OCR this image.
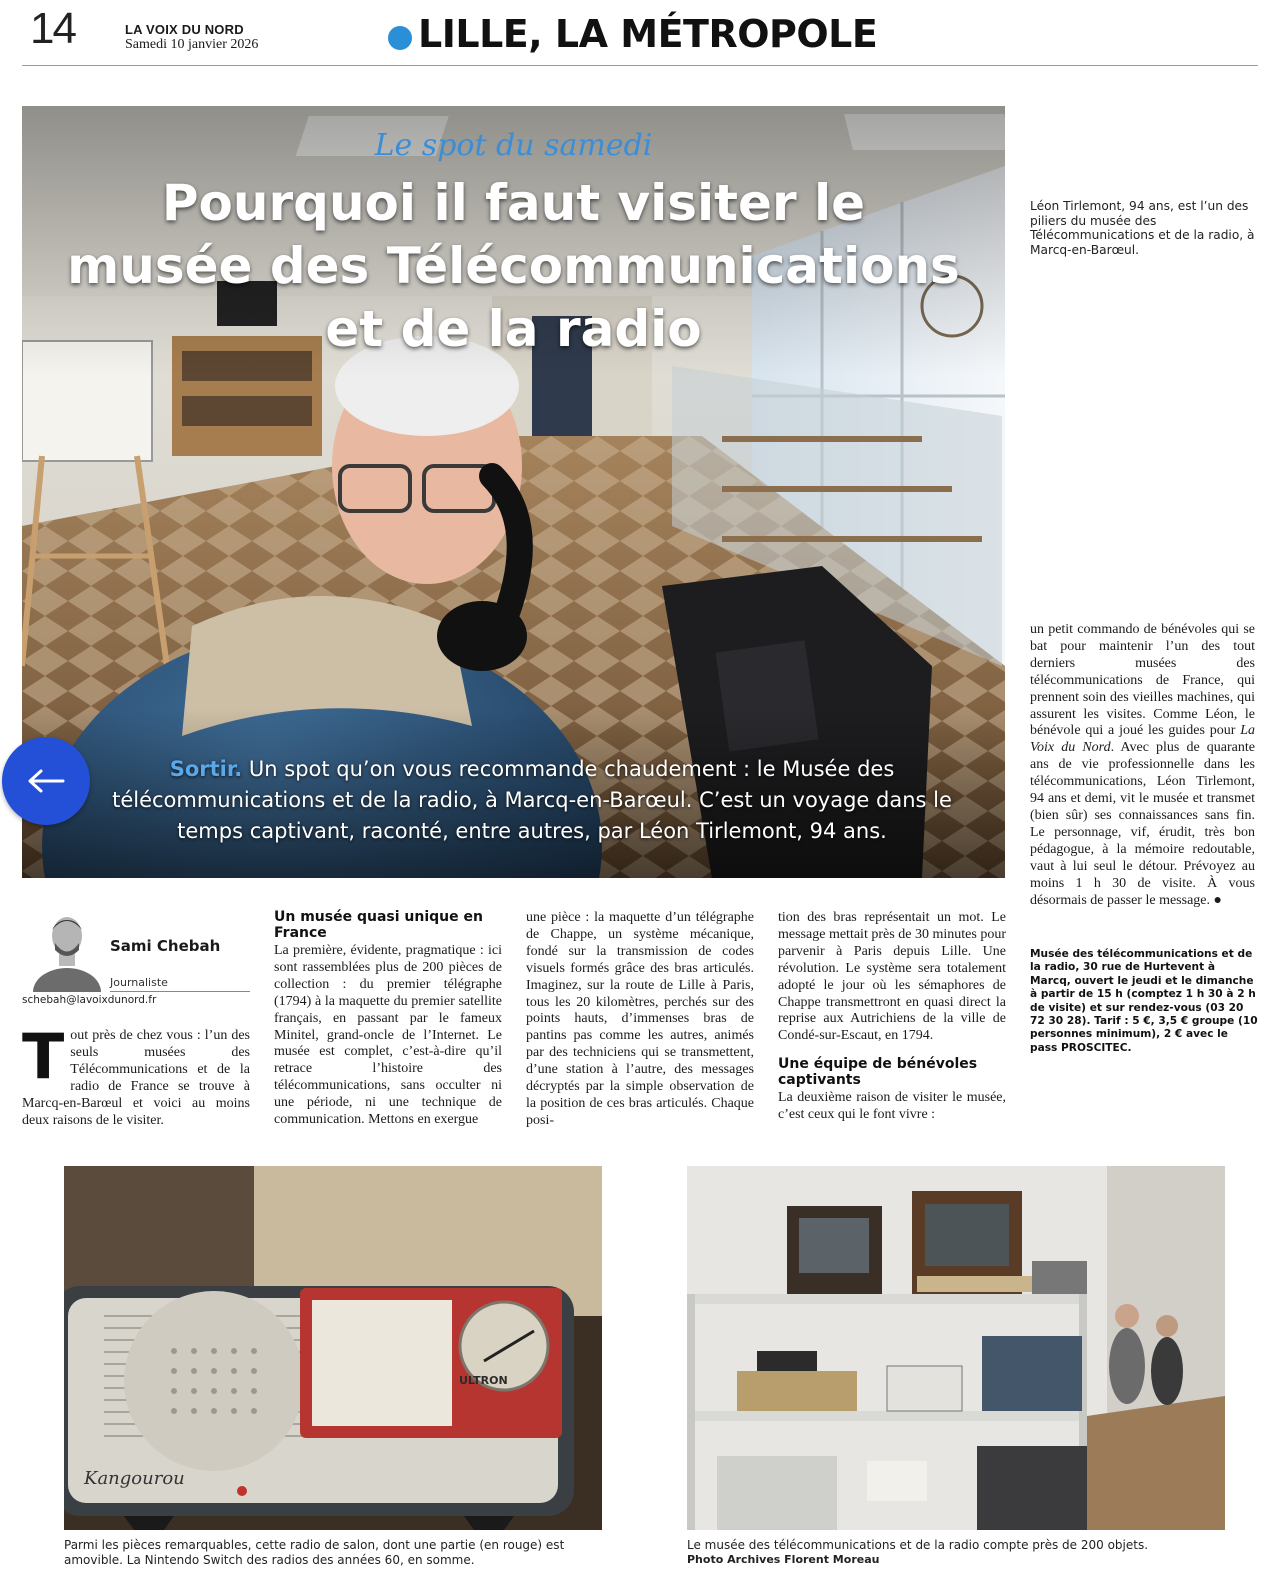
14	LA VOIX DU NORD
Samedi 10 janvier 2026	LILLE, LA MÉTROPOLE
Le spot du samedi
Pourquoi il faut visiter le musée des Télécommunications et de la radio
Sortir. Un spot qu’on vous recommande chaudement : le Musée des télécommunications et de la radio, à Marcq-en-Barœul. C’est un voyage dans le temps captivant, raconté, entre autres, par Léon Tirlemont, 94 ans.
Léon Tirlemont, 94 ans, est l’un des piliers du musée des Télécommunications et de la radio, à Marcq-en-Barœul.

un petit commando de bénévoles qui se bat pour maintenir l’un des tout derniers musées des télécommunications de France, qui prennent soin des vieilles machines, qui assurent les visites. Comme Léon, le bénévole qui a joué les guides pour La Voix du Nord. Avec plus de quarante ans de vie professionnelle dans les télécommunications, Léon Tirlemont, 94 ans et demi, vit le musée et transmet (bien sûr) ses connaissances sans fin. Le personnage, vif, érudit, très bon pédagogue, à la mémoire redoutable, vaut à lui seul le détour. Prévoyez au moins 1 h 30 de visite. À vous désormais de passer le message. ●

Musée des télécommunications et de la radio, 30 rue de Hurtevent à Marcq, ouvert le jeudi et le dimanche à partir de 15 h (comptez 1 h 30 à 2 h de visite) et sur rendez-vous (03 20 72 30 28). Tarif : 5 €, 3,5 € groupe (10 personnes minimum), 2 € avec le pass PROSCITEC.
Sami Chebah
Journaliste
schebah@lavoixdunord.fr
T out près de chez vous : l’un des seuls musées des Télécommunications et de la radio de France se trouve à Marcq-en-Barœul et voici au moins deux raisons de le visiter.

Un musée quasi unique en France

La première, évidente, pragmatique : ici sont rassemblées plus de 200 pièces de collection : du premier télégraphe (1794) à la maquette du premier satellite français, en passant par le fameux Minitel, grand-oncle de l’Internet. Le musée est complet, c’est-à-dire qu’il retrace l’histoire des télécommunications, sans occulter ni une période, ni une technique de communication. Mettons en exergue

une pièce : la maquette d’un télégraphe de Chappe, un système mécanique, fondé sur la transmission de codes visuels formés grâce des bras articulés. Imaginez, sur la route de Lille à Paris, tous les 20 kilomètres, perchés sur des points hauts, d’immenses bras de pantins pas comme les autres, animés par des techniciens qui se transmettent, d’une station à l’autre, des messages décryptés par la simple observation de la position de ces bras articulés. Chaque posi-

tion des bras représentait un mot. Le message mettait près de 30 minutes pour parvenir à Paris depuis Lille. Une révolution. Le système sera totalement adopté le jour où les sémaphores de Chappe transmettront en quasi direct la reprise aux Autrichiens de la ville de Condé-sur-Escaut, en 1794.

Une équipe de bénévoles captivants

La deuxième raison de visiter le musée, c’est ceux qui le font vivre :

ULTRON
Kangourou
Parmi les pièces remarquables, cette radio de salon, dont une partie (en rouge) est amovible. La Nintendo Switch des radios des années 60, en somme.
Le musée des télécommunications et de la radio compte près de 200 objets.
Photo Archives Florent Moreau
